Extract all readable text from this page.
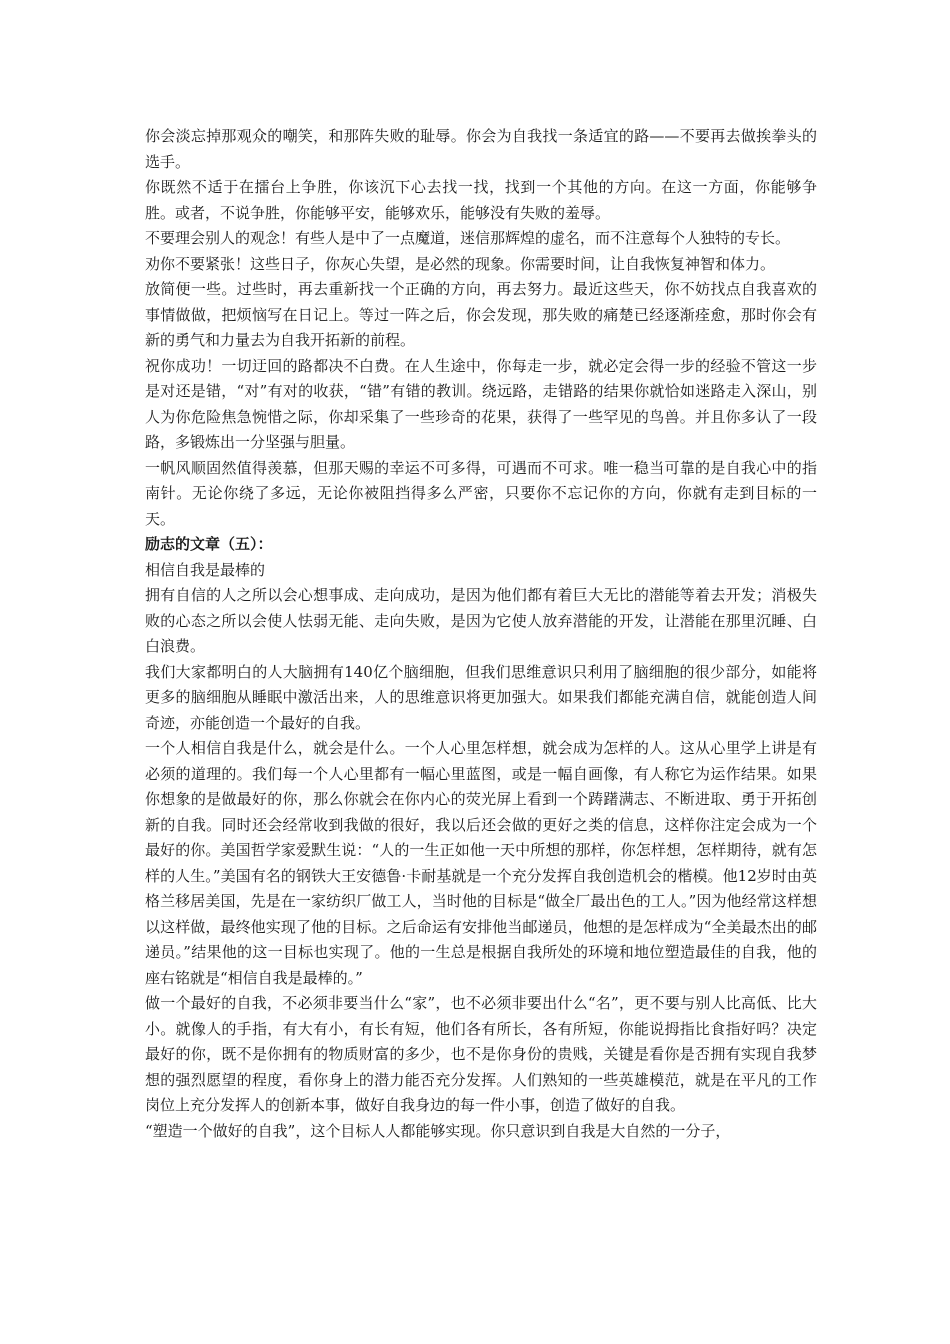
你会淡忘掉那观众的嘲笑，和那阵失败的耻辱。你会为自我找一条适宜的路——不要再去做挨拳头的选手。

你既然不适于在擂台上争胜，你该沉下心去找一找，找到一个其他的方向。在这一方面，你能够争胜。或者，不说争胜，你能够平安，能够欢乐，能够没有失败的羞辱。

不要理会别人的观念！有些人是中了一点魔道，迷信那辉煌的虚名，而不注意每个人独特的专长。

劝你不要紧张！这些日子，你灰心失望，是必然的现象。你需要时间，让自我恢复神智和体力。

放简便一些。过些时，再去重新找一个正确的方向，再去努力。最近这些天，你不妨找点自我喜欢的事情做做，把烦恼写在日记上。等过一阵之后，你会发现，那失败的痛楚已经逐渐痊愈，那时你会有新的勇气和力量去为自我开拓新的前程。

祝你成功！一切迂回的路都决不白费。在人生途中，你每走一步，就必定会得一步的经验不管这一步是对还是错，“对”有对的收获，“错”有错的教训。绕远路，走错路的结果你就恰如迷路走入深山，别人为你危险焦急惋惜之际，你却采集了一些珍奇的花果，获得了一些罕见的鸟兽。并且你多认了一段路，多锻炼出一分坚强与胆量。

一帆风顺固然值得羡慕，但那天赐的幸运不可多得，可遇而不可求。唯一稳当可靠的是自我心中的指南针。无论你绕了多远，无论你被阻挡得多么严密，只要你不忘记你的方向，你就有走到目标的一天。

励志的文章（五）：

相信自我是最棒的

拥有自信的人之所以会心想事成、走向成功，是因为他们都有着巨大无比的潜能等着去开发；消极失败的心态之所以会使人怯弱无能、走向失败，是因为它使人放弃潜能的开发，让潜能在那里沉睡、白白浪费。

我们大家都明白的人大脑拥有140亿个脑细胞，但我们思维意识只利用了脑细胞的很少部分，如能将更多的脑细胞从睡眠中激活出来，人的思维意识将更加强大。如果我们都能充满自信，就能创造人间奇迹，亦能创造一个最好的自我。

一个人相信自我是什么，就会是什么。一个人心里怎样想，就会成为怎样的人。这从心里学上讲是有必须的道理的。我们每一个人心里都有一幅心里蓝图，或是一幅自画像，有人称它为运作结果。如果你想象的是做最好的你，那么你就会在你内心的荧光屏上看到一个踌躇满志、不断进取、勇于开拓创新的自我。同时还会经常收到我做的很好，我以后还会做的更好之类的信息，这样你注定会成为一个最好的你。美国哲学家爱默生说：“人的一生正如他一天中所想的那样，你怎样想，怎样期待，就有怎样的人生。”美国有名的钢铁大王安德鲁·卡耐基就是一个充分发挥自我创造机会的楷模。他12岁时由英格兰移居美国，先是在一家纺织厂做工人，当时他的目标是“做全厂最出色的工人。”因为他经常这样想以这样做，最终他实现了他的目标。之后命运有安排他当邮递员，他想的是怎样成为“全美最杰出的邮递员。”结果他的这一目标也实现了。他的一生总是根据自我所处的环境和地位塑造最佳的自我，他的座右铭就是“相信自我是最棒的。”

做一个最好的自我，不必须非要当什么“家”，也不必须非要出什么“名”，更不要与别人比高低、比大小。就像人的手指，有大有小，有长有短，他们各有所长，各有所短，你能说拇指比食指好吗？决定最好的你，既不是你拥有的物质财富的多少，也不是你身份的贵贱，关键是看你是否拥有实现自我梦想的强烈愿望的程度，看你身上的潜力能否充分发挥。人们熟知的一些英雄模范，就是在平凡的工作岗位上充分发挥人的创新本事，做好自我身边的每一件小事，创造了做好的自我。

“塑造一个做好的自我”，这个目标人人都能够实现。你只意识到自我是大自然的一分子，
